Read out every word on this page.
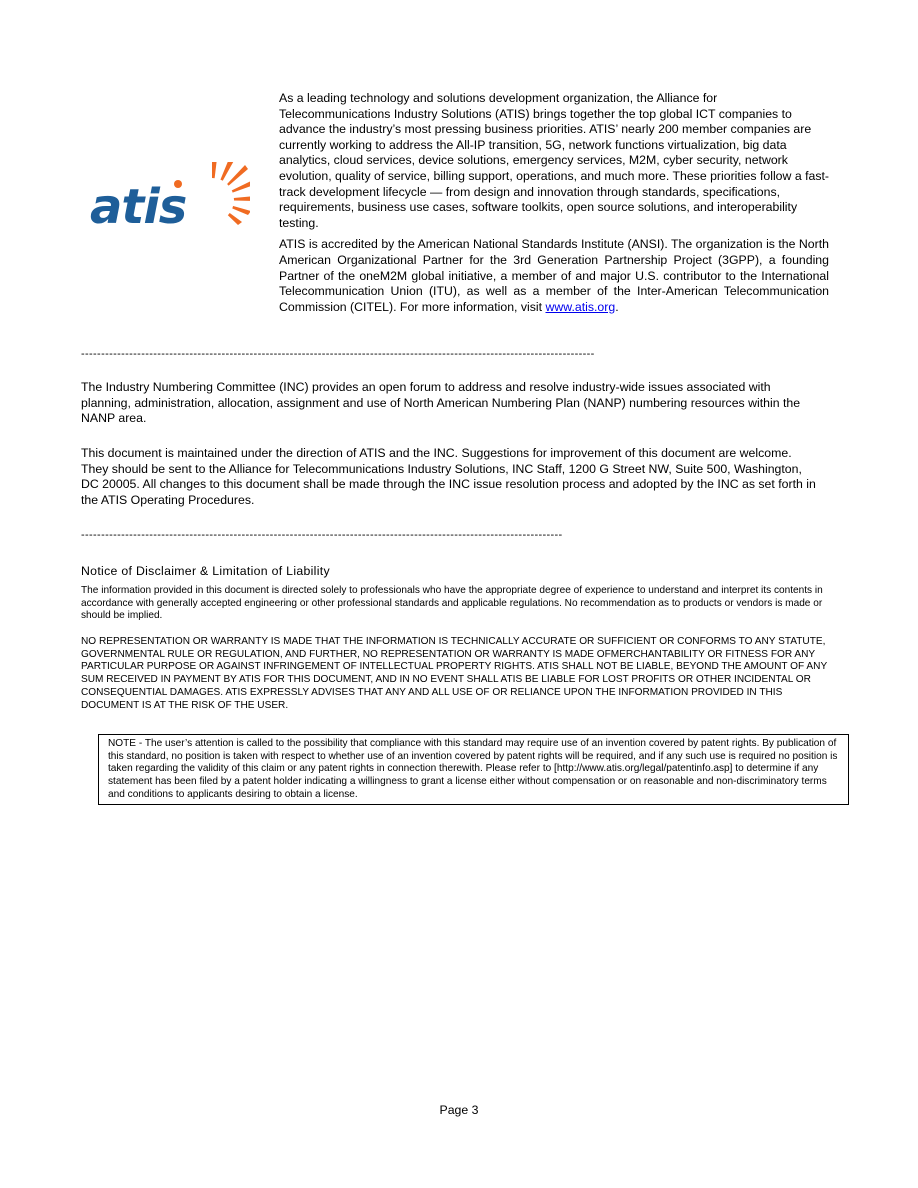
atis

As a leading technology and solutions development organization, the Alliance for Telecommunications Industry Solutions (ATIS) brings together the top global ICT companies to advance the industry’s most pressing business priorities. ATIS’ nearly 200 member companies are currently working to address the All-IP transition, 5G, network functions virtualization, big data analytics, cloud services, device solutions, emergency services, M2M, cyber security, network evolution, quality of service, billing support, operations, and much more. These priorities follow a fast-track development lifecycle — from design and innovation through standards, specifications, requirements, business use cases, software toolkits, open source solutions, and interoperability testing.

ATIS is accredited by the American National Standards Institute (ANSI). The organization is the North American Organizational Partner for the 3rd Generation Partnership Project (3GPP), a founding Partner of the oneM2M global initiative, a member of and major U.S. contributor to the International Telecommunication Union (ITU), as well as a member of the Inter-American Telecommunication Commission (CITEL). For more information, visit www.atis.org.

--------------------------------------------------------------------------------------------------------------------------------

The Industry Numbering Committee (INC) provides an open forum to address and resolve industry-wide issues associated with planning, administration, allocation, assignment and use of North American Numbering Plan (NANP) numbering resources within the NANP area.

This document is maintained under the direction of ATIS and the INC. Suggestions for improvement of this document are welcome. They should be sent to the Alliance for Telecommunications Industry Solutions, INC Staff, 1200 G Street NW, Suite 500, Washington, DC 20005. All changes to this document shall be made through the INC issue resolution process and adopted by the INC as set forth in the ATIS Operating Procedures.

------------------------------------------------------------------------------------------------------------------------
Notice of Disclaimer & Limitation of Liability

The information provided in this document is directed solely to professionals who have the appropriate degree of experience to understand and interpret its contents in accordance with generally accepted engineering or other professional standards and applicable regulations. No recommendation as to products or vendors is made or should be implied.

NO REPRESENTATION OR WARRANTY IS MADE THAT THE INFORMATION IS TECHNICALLY ACCURATE OR SUFFICIENT OR CONFORMS TO ANY STATUTE, GOVERNMENTAL RULE OR REGULATION, AND FURTHER, NO REPRESENTATION OR WARRANTY IS MADE OFMERCHANTABILITY OR FITNESS FOR ANY PARTICULAR PURPOSE OR AGAINST INFRINGEMENT OF INTELLECTUAL PROPERTY RIGHTS. ATIS SHALL NOT BE LIABLE, BEYOND THE AMOUNT OF ANY SUM RECEIVED IN PAYMENT BY ATIS FOR THIS DOCUMENT, AND IN NO EVENT SHALL ATIS BE LIABLE FOR LOST PROFITS OR OTHER INCIDENTAL OR CONSEQUENTIAL DAMAGES. ATIS EXPRESSLY ADVISES THAT ANY AND ALL USE OF OR RELIANCE UPON THE INFORMATION PROVIDED IN THIS DOCUMENT IS AT THE RISK OF THE USER.

NOTE - The user’s attention is called to the possibility that compliance with this standard may require use of an invention covered by patent rights. By publication of this standard, no position is taken with respect to whether use of an invention covered by patent rights will be required, and if any such use is required no position is taken regarding the validity of this claim or any patent rights in connection therewith. Please refer to [http://www.atis.org/legal/patentinfo.asp] to determine if any statement has been filed by a patent holder indicating a willingness to grant a license either without compensation or on reasonable and non-discriminatory terms and conditions to applicants desiring to obtain a license.
Page 3
